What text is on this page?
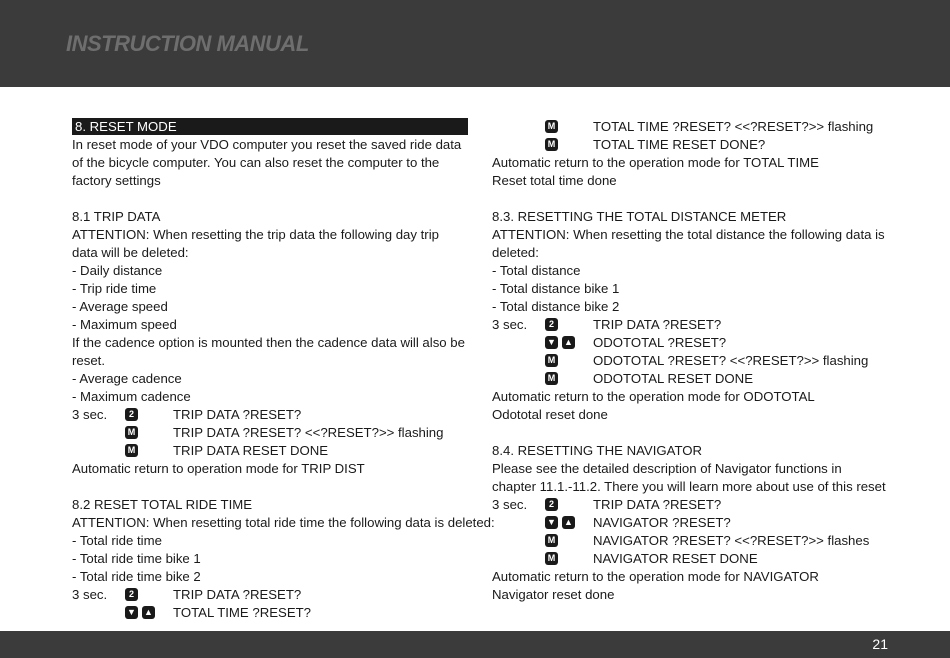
INSTRUCTION MANUAL
8. RESET MODE
In reset mode of your VDO computer you reset the saved ride data of the bicycle computer. You can also reset the computer to the factory settings
8.1 TRIP DATA
ATTENTION: When resetting the trip data the following day trip data will be deleted:
- Daily distance
- Trip ride time
- Average speed
- Maximum speed
If the cadence option is mounted then the cadence data will also be reset.
- Average cadence
- Maximum cadence
3 sec.	2	TRIP DATA ?RESET?
M	TRIP DATA ?RESET? <<?RESET?>> flashing
M	TRIP DATA RESET DONE
Automatic return to operation mode for TRIP DIST
8.2 RESET TOTAL RIDE TIME
ATTENTION: When resetting total ride time the following data is deleted:
- Total ride time
- Total ride time bike 1
- Total ride time bike 2
3 sec.	2	TRIP DATA ?RESET?
▼ ▲ TOTAL TIME ?RESET?
M	TOTAL TIME ?RESET? <<?RESET?>> flashing
M	TOTAL TIME RESET DONE?
Automatic return to the operation mode for TOTAL TIME
Reset total time done
8.3. RESETTING THE TOTAL DISTANCE METER
ATTENTION: When resetting the total distance the following data is deleted:
- Total distance
- Total distance bike 1
- Total distance bike 2
3 sec.	2	TRIP DATA ?RESET?
▼ ▲ ODOTOTAL ?RESET?
M	ODOTOTAL ?RESET? <<?RESET?>> flashing
M	ODOTOTAL RESET DONE
Automatic return to the operation mode for ODOTOTAL
Odototal reset done
8.4. RESETTING THE NAVIGATOR
Please see the detailed description of Navigator functions in chapter 11.1.-11.2. There you will learn more about use of this reset
3 sec.	2	TRIP DATA ?RESET?
▼ ▲ NAVIGATOR ?RESET?
M	NAVIGATOR ?RESET? <<?RESET?>> flashes
M	NAVIGATOR RESET DONE
Automatic return to the operation mode for NAVIGATOR
Navigator reset done
21
